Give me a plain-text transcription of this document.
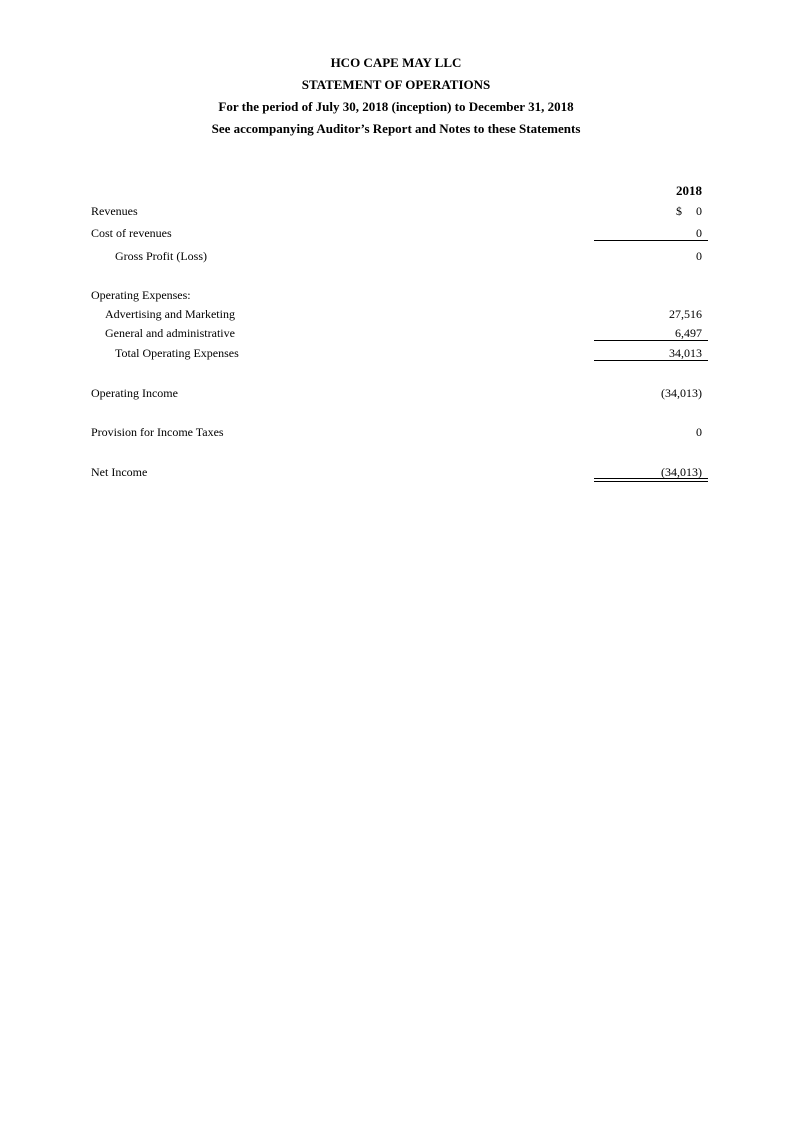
HCO CAPE MAY LLC
STATEMENT OF OPERATIONS
For the period of July 30, 2018 (inception) to December 31, 2018
See accompanying Auditor’s Report and Notes to these Statements
2018
Revenues	$ 0
Cost of revenues	0
Gross Profit (Loss)	0
Operating Expenses:
Advertising and Marketing	27,516
General and administrative	6,497
Total Operating Expenses	34,013
Operating Income	(34,013)
Provision for Income Taxes	0
Net Income	(34,013)
